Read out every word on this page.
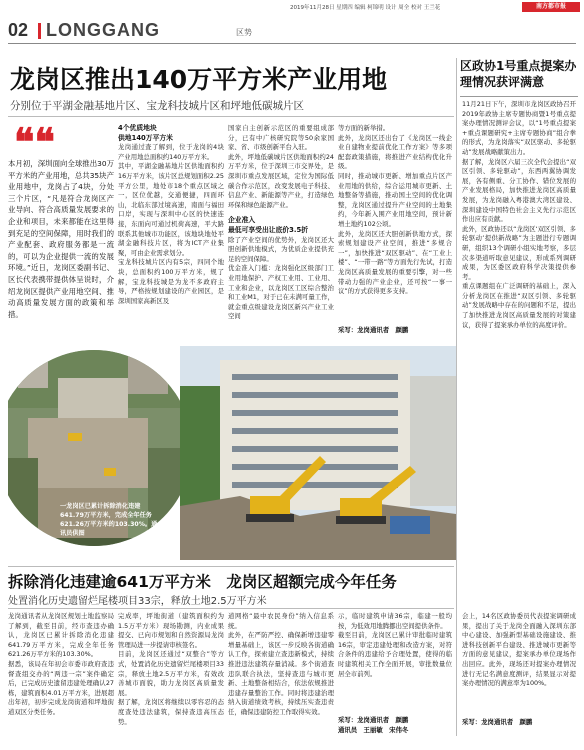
2019年11月28日 星期四 编辑 柯锦明 设计 周全 校对 王兰花	南方都市报
02 LONGGANG	区势
龙岗区推出140万平方米产业用地
分别位于平湖金融基地片区、宝龙科技城片区和坪地低碳城片区
❝❝
本月初，深圳面向全球推出30万平方米的产业用地，总共35块产业用地中，龙岗占了4块，分处三个片区，“凡是符合龙岗区产业导向、符合高质量发展要求的企业和项目，未来都能在这里得到充足的空间保障，用时我们的产业配套、政府服务都是一流的，可以为企业提供一流的发展环境。”近日，龙岗区委副书记、区长代表携带提供体呈说时，介绍龙岗区提供产业用地空间、推动高质量发展方面的政策和举措。
4个优质地块
供地140万平方米
龙岗通过査了解到，位于龙岗的4块产业用地总面积约140万平方米。
其中，平湖金融基地片区供地面积约16万平方米，该片区总规划面积2.25平方公里，地处市18个重点区域之一，区位优越，交通便捷，四面环山，北临东部过境高速，南面与福田口岸，实现与深圳中心区的快速连接，东面向可通过机荷高速，平大路联系其他城市功能区，该地块地处平湖金融科技片区，将为ICT产业集聚，可由企业需求划分。
宝龙科技城片区内有5宗，四同个地块，总面积约100万平方米，规了解，宝龙科技城是为龙不多政府主导，严格按规划建设的产业园区，是深圳国家高新区及
国家自主创新示范区的重要组成部分，已有中广核研究院等50余家国家、省、市级创新平台入驻。
此外，坪地低碳城片区供地面积约24万平方米，位于深圳三市交界处，是深圳市重点发展区域，定位为国际低碳合作示范区，改变发展电子科技、信息产业、新能源等产业，打造绿色环保和绿色能源产业。
企业准入
最低可享受出让底价3.5折
除了产业空间的优势外，龙岗区还大胆创新供地模式，为优质企业提供充足的空间保障。
优金准入门槛：龙岗强化区级部门工业用地保护、产权工业用、工业用、工业和企业，以龙岗区工区综合整治和工业M1，对于已在未满可量工作，就金重点级建设龙岗区新兴产业工业空间
等方面的新举措。
此外，龙岗区还出台了《龙岗区一线企业自建物业提前优化工作方案》等多项配套政策措施，将推进产业结构优化升级。
同时，推动城市更新、增加重点片区产业用地的供给，综合运用城市更新、土地整备等措施，推动国土空间的优化调整，龙岗区通过提升产业空间的土地集约，今年新入围产业用地空间，预计新增土地约102公顷。
此外，龙岗区还大胆创新供地方式，探索规划建设产业空间，推进“多规合一”，加快推进“双区驱动”、在“工业上楼”、“一带一路”等方面先行先试，打造龙岗区高质量发展的重要引擎，对一些带动力强的产业企业，还可按“一事一议”的方式获得更多支持。
采写：龙岗通讯者　颜鹏
一龙岗区已累计拆除消化违建641.79万平方米，完成全年任务621.26万平方米的103.30%。通讯员供图
区政协1号重点提案办理情况获评满意
11月21日下午，深圳市龙岗区政协召开2019年政协主席专题协商暨1号重点提案办理情况测评会议，以“1号重点提案+重点课题研究+主席专题协商”组合拳的形式，为龙岗落实“双区驱动、多轮驱动”发展战略献策出力。
据了解，龙岗区六届三次全代会提出“双区引领、多轮驱动”，东西两翼协调发展，各有侧重、分工协作、错位发展的产业发展格局，加快推进龙岗区高质量发展，为龙岗融入粤港澳大湾区建设、深圳建设中国特色社会主义先行示范区作出应有贡献。
此外，区政协还以“龙岗区‘双区引领、多轮驱动’提供新战略”为主题进行专题调研，组织13个调研小组实地考察，多层次多渠道听取意见建议，形成系列调研成果，为区委区政府科学决策提供参考。
重点课题组在广泛调研的基础上，深入分析龙岗区在推进“双区引领、多轮驱动”发展战略中存在的问题和不足，提出了加快推进龙岗区高质量发展的对策建议，获得了提案承办单位的高度评价。
会上，14名区政协委员代表提案调研成果，提出了关于龙岗全面融入深圳东部中心建设、加强新型基础设施建设、推进科技创新平台建设、推进城市更新等方面的意见建议，提案承办单位现场作出回应。此外，现场还对提案办理情况进行无记名满意度测评，结果显示对提案办理情况的满意率为100%。
采写：龙岗通讯者　颜鹏
拆除消化违建逾641万平方米　龙岗区超额完成今年任务
处置消化历史遗留烂尾楼项目33宗，释放土地2.5万平方米
龙岗通讯者从龙岗区规划土地监察局了解到，截至目前，经市查违办确认，龙岗区已累计拆除消化违建641.79万平方米，完成全年任务621.26万平方米的103.30%。
据悉，该局在年初会市委市政府查违督查组交办的“两违一宗”案件确定后，已完成历史遗留违建处理确认27栋，建筑面积4.01万平方米，进展超出年初，初步完成龙岗街道和坪地街道双区分类任务。
完成率，坪地街道（建筑面积约为1.5万平方米）现场勘测，内业成果提交、已向市规划和自然资源局龙岗管理局进一步提请审核签名。
目前，龙岗区还通过“双整合”等方式，处置消化历史遗留烂尾楼项目33宗，释放土地2.5万平方米，有效改善城市面貌，助力龙岗区高质量发展。
据了解，龙岗区将继续以零容忍的态度查处违法建筑，保持查违高压态势。
道网格“最中农民身份”纳入信息系统。
此外，在严防严控、确保新增违建零增量基础上，该区一步反映各街道确认工作，探索建立查违新模式，持续推进违法建筑存量消减。多个街道查违队联合执法，坚持查违与城市更新、土地整备相结合，依法依规推进违建存量整治工作。同时将违建治理纳入街道绩效考核，持续压实查违责任，确保违建防控工作取得实效。
示，临时建筑申请36宗，临建一般均按，为低效用地腾挪出空间提供条件。
截至目前，龙岗区已累计审批临时建筑16宗，审定违建处理和改造方案，对符合条件的违建给予合理处置，使得的临时建筑相关工作全面开展，审批数量位居全市前列。
采写：龙岗通讯者　颜鹏
通讯员　王丽敏　宋伟冬
